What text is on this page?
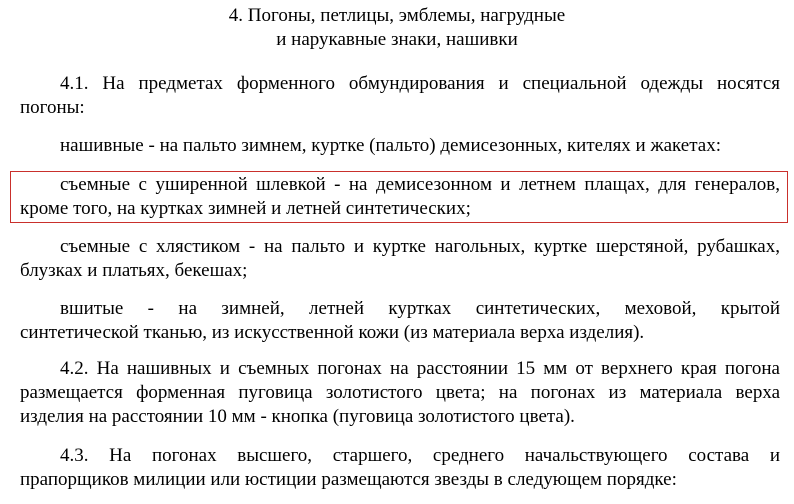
4. Погоны, петлицы, эмблемы, нагрудные
и нарукавные знаки, нашивки
4.1. На предметах форменного обмундирования и специальной одежды носятся
погоны:
нашивные - на пальто зимнем, куртке (пальто) демисезонных, кителях и жакетах:
съемные с уширенной шлевкой - на демисезонном и летнем плащах, для генералов,
кроме того, на куртках зимней и летней синтетических;
съемные с хлястиком - на пальто и куртке нагольных, куртке шерстяной, рубашках,
блузках и платьях, бекешах;
вшитые - на зимней, летней куртках синтетических, меховой, крытой
синтетической тканью, из искусственной кожи (из материала верха изделия).
4.2. На нашивных и съемных погонах на расстоянии 15 мм от верхнего края погона
размещается форменная пуговица золотистого цвета; на погонах из материала верха
изделия на расстоянии 10 мм - кнопка (пуговица золотистого цвета).
4.3. На погонах высшего, старшего, среднего начальствующего состава и
прапорщиков милиции или юстиции размещаются звезды в следующем порядке:
